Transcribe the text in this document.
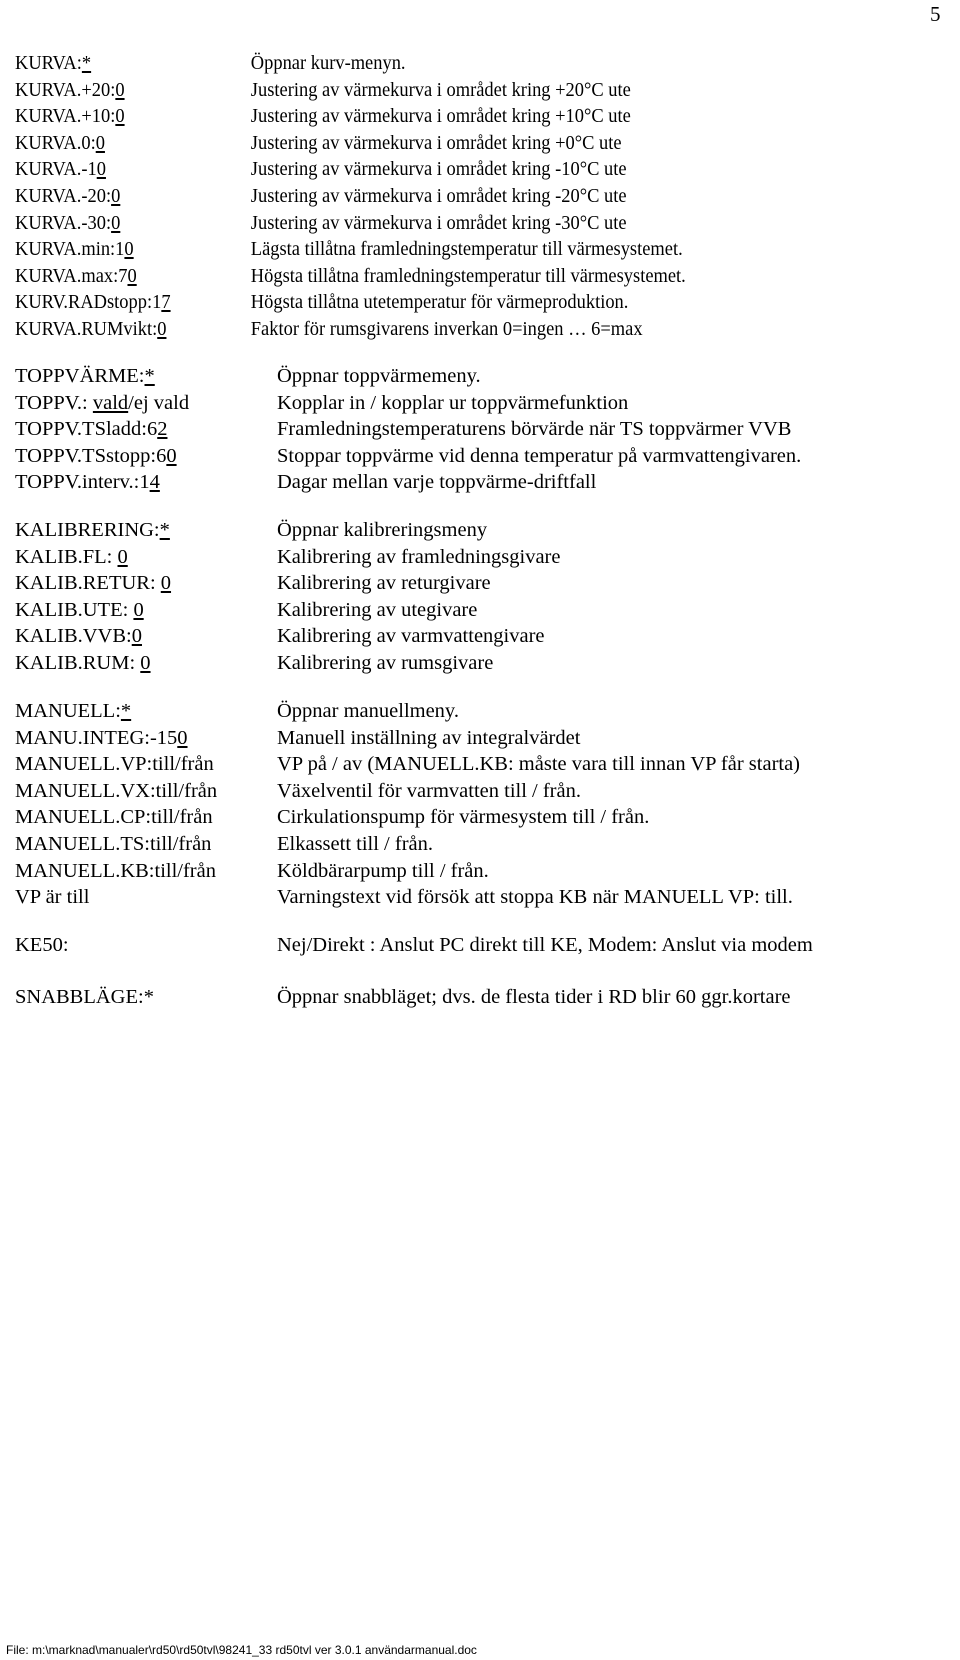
5
KURVA:*	Öppnar kurv-menyn.
KURVA.+20:0	Justering av värmekurva i området kring +20°C ute
KURVA.+10:0	Justering av värmekurva i området kring +10°C ute
KURVA.0:0	Justering av värmekurva i området kring +0°C ute
KURVA.-10	Justering av värmekurva i området kring -10°C ute
KURVA.-20:0	Justering av värmekurva i området kring -20°C ute
KURVA.-30:0	Justering av värmekurva i området kring -30°C ute
KURVA.min:10	Lägsta tillåtna framledningstemperatur till värmesystemet.
KURVA.max:70	Högsta tillåtna framledningstemperatur till värmesystemet.
KURV.RADstopp:17	Högsta tillåtna utetemperatur för värmeproduktion.
KURVA.RUMvikt:0	Faktor för rumsgivarens inverkan 0=ingen … 6=max
TOPPVÄRME:*	Öppnar toppvärmemeny.
TOPPV.: vald/ej vald	Kopplar in / kopplar ur toppvärmefunktion
TOPPV.TSladd:62	Framledningstemperaturens börvärde när TS toppvärmer VVB
TOPPV.TSstopp:60	Stoppar toppvärme vid denna temperatur på varmvattengivaren.
TOPPV.interv.:14	Dagar mellan varje toppvärme-driftfall
KALIBRERING:*	Öppnar kalibreringsmeny
KALIB.FL: 0	Kalibrering av framledningsgivare
KALIB.RETUR: 0	Kalibrering av returgivare
KALIB.UTE: 0	Kalibrering av utegivare
KALIB.VVB:0	Kalibrering av varmvattengivare
KALIB.RUM: 0	Kalibrering av rumsgivare
MANUELL:*	Öppnar manuellmeny.
MANU.INTEG:-150	Manuell inställning av integralvärdet
MANUELL.VP:till/från	VP på / av (MANUELL.KB: måste vara till innan VP får starta)
MANUELL.VX:till/från	Växelventil för varmvatten till / från.
MANUELL.CP:till/från	Cirkulationspump för värmesystem till / från.
MANUELL.TS:till/från	Elkassett till / från.
MANUELL.KB:till/från	Köldbärarpump till / från.
VP är till	Varningstext vid försök att stoppa KB när MANUELL VP: till.
KE50:	Nej/Direkt : Anslut PC direkt till KE, Modem: Anslut via modem
SNABBLÄGE:*	Öppnar snabbläget; dvs. de flesta tider i RD blir 60 ggr.kortare
File: m:\marknad\manualer\rd50\rd50tvl\98241_33 rd50tvl ver 3.0.1 användarmanual.doc
